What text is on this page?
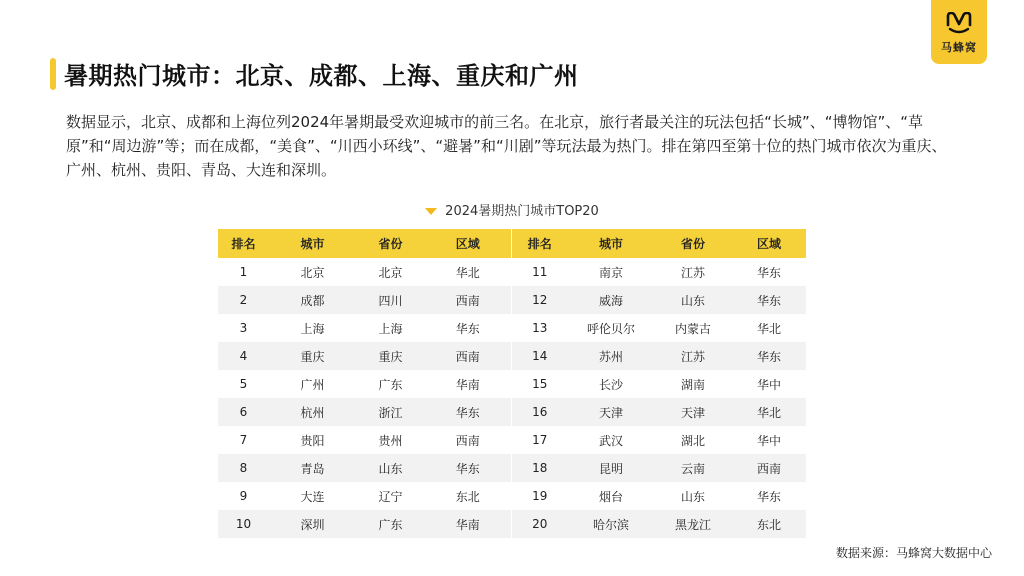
暑期热门城市：北京、成都、上海、重庆和广州
马蜂窝
数据显示，北京、成都和上海位列2024年暑期最受欢迎城市的前三名。在北京，旅行者最关注的玩法包括“长城”、“博物馆”、“草原”和“周边游”等；而在成都，“美食”、“川西小环线”、“避暑”和“川剧”等玩法最为热门。排在第四至第十位的热门城市依次为重庆、广州、杭州、贵阳、青岛、大连和深圳。
2024暑期热门城市TOP20
排名	城市	省份	区域	排名	城市	省份	区域
1	北京	北京	华北	11	南京	江苏	华东
2	成都	四川	西南	12	威海	山东	华东
3	上海	上海	华东	13	呼伦贝尔	内蒙古	华北
4	重庆	重庆	西南	14	苏州	江苏	华东
5	广州	广东	华南	15	长沙	湖南	华中
6	杭州	浙江	华东	16	天津	天津	华北
7	贵阳	贵州	西南	17	武汉	湖北	华中
8	青岛	山东	华东	18	昆明	云南	西南
9	大连	辽宁	东北	19	烟台	山东	华东
10	深圳	广东	华南	20	哈尔滨	黑龙江	东北
数据来源：马蜂窝大数据中心
